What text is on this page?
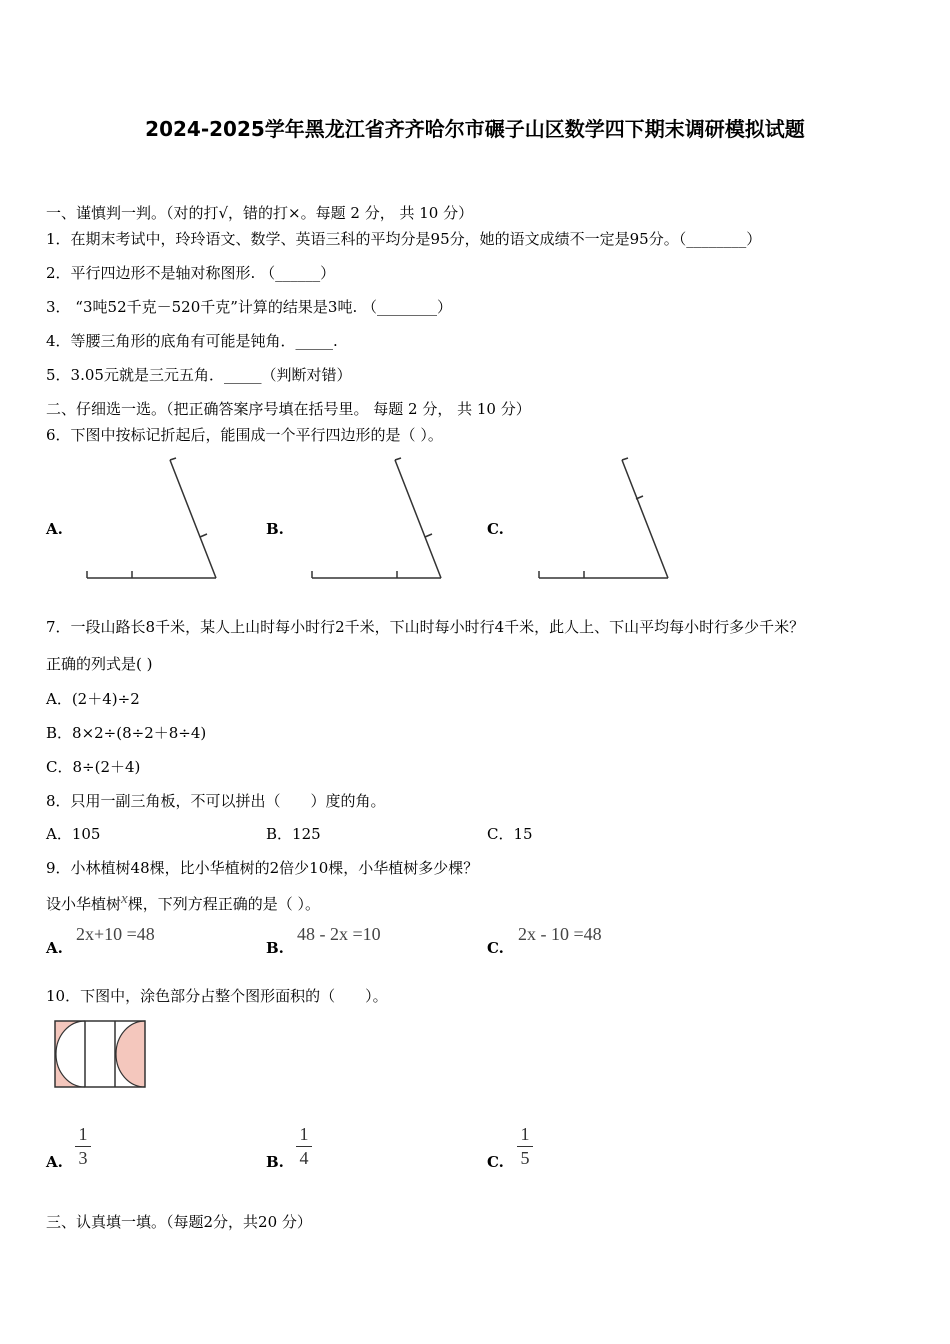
2024-2025学年黑龙江省齐齐哈尔市碾子山区数学四下期末调研模拟试题
一、谨慎判一判。（对的打√，错的打×。每题 2 分， 共 10 分）
1．在期末考试中，玲玲语文、数学、英语三科的平均分是95分，她的语文成绩不一定是95分。（________）
2．平行四边形不是轴对称图形. （______）
3． “3吨52千克－520千克”计算的结果是3吨. （________）
4．等腰三角形的底角有可能是钝角．_____.
5．3.05元就是三元五角．_____（判断对错）
二、仔细选一选。（把正确答案序号填在括号里。 每题 2 分， 共 10 分）
6．下图中按标记折起后，能围成一个平行四边形的是（ ）。
A.	B.	C.
7．一段山路长8千米，某人上山时每小时行2千米，下山时每小时行4千米，此人上、下山平均每小时行多少千米？
正确的列式是( )
A．(2＋4)÷2
B．8×2÷(8÷2＋8÷4)
C．8÷(2＋4)
8．只用一副三角板，不可以拼出（　　）度的角。
A．105	B．125	C．15
9．小林植树48棵，比小华植树的2倍少10棵，小华植树多少棵？
设小华植树x棵，下列方程正确的是（ ）。
A.
2x+10 =48
B.
48 - 2x =10
C.
2x - 10 =48
10．下图中，涂色部分占整个图形面积的（　　）。
A.
1
3	B.
1
4	C.
1
5
三、认真填一填。（每题2分，共20 分）
